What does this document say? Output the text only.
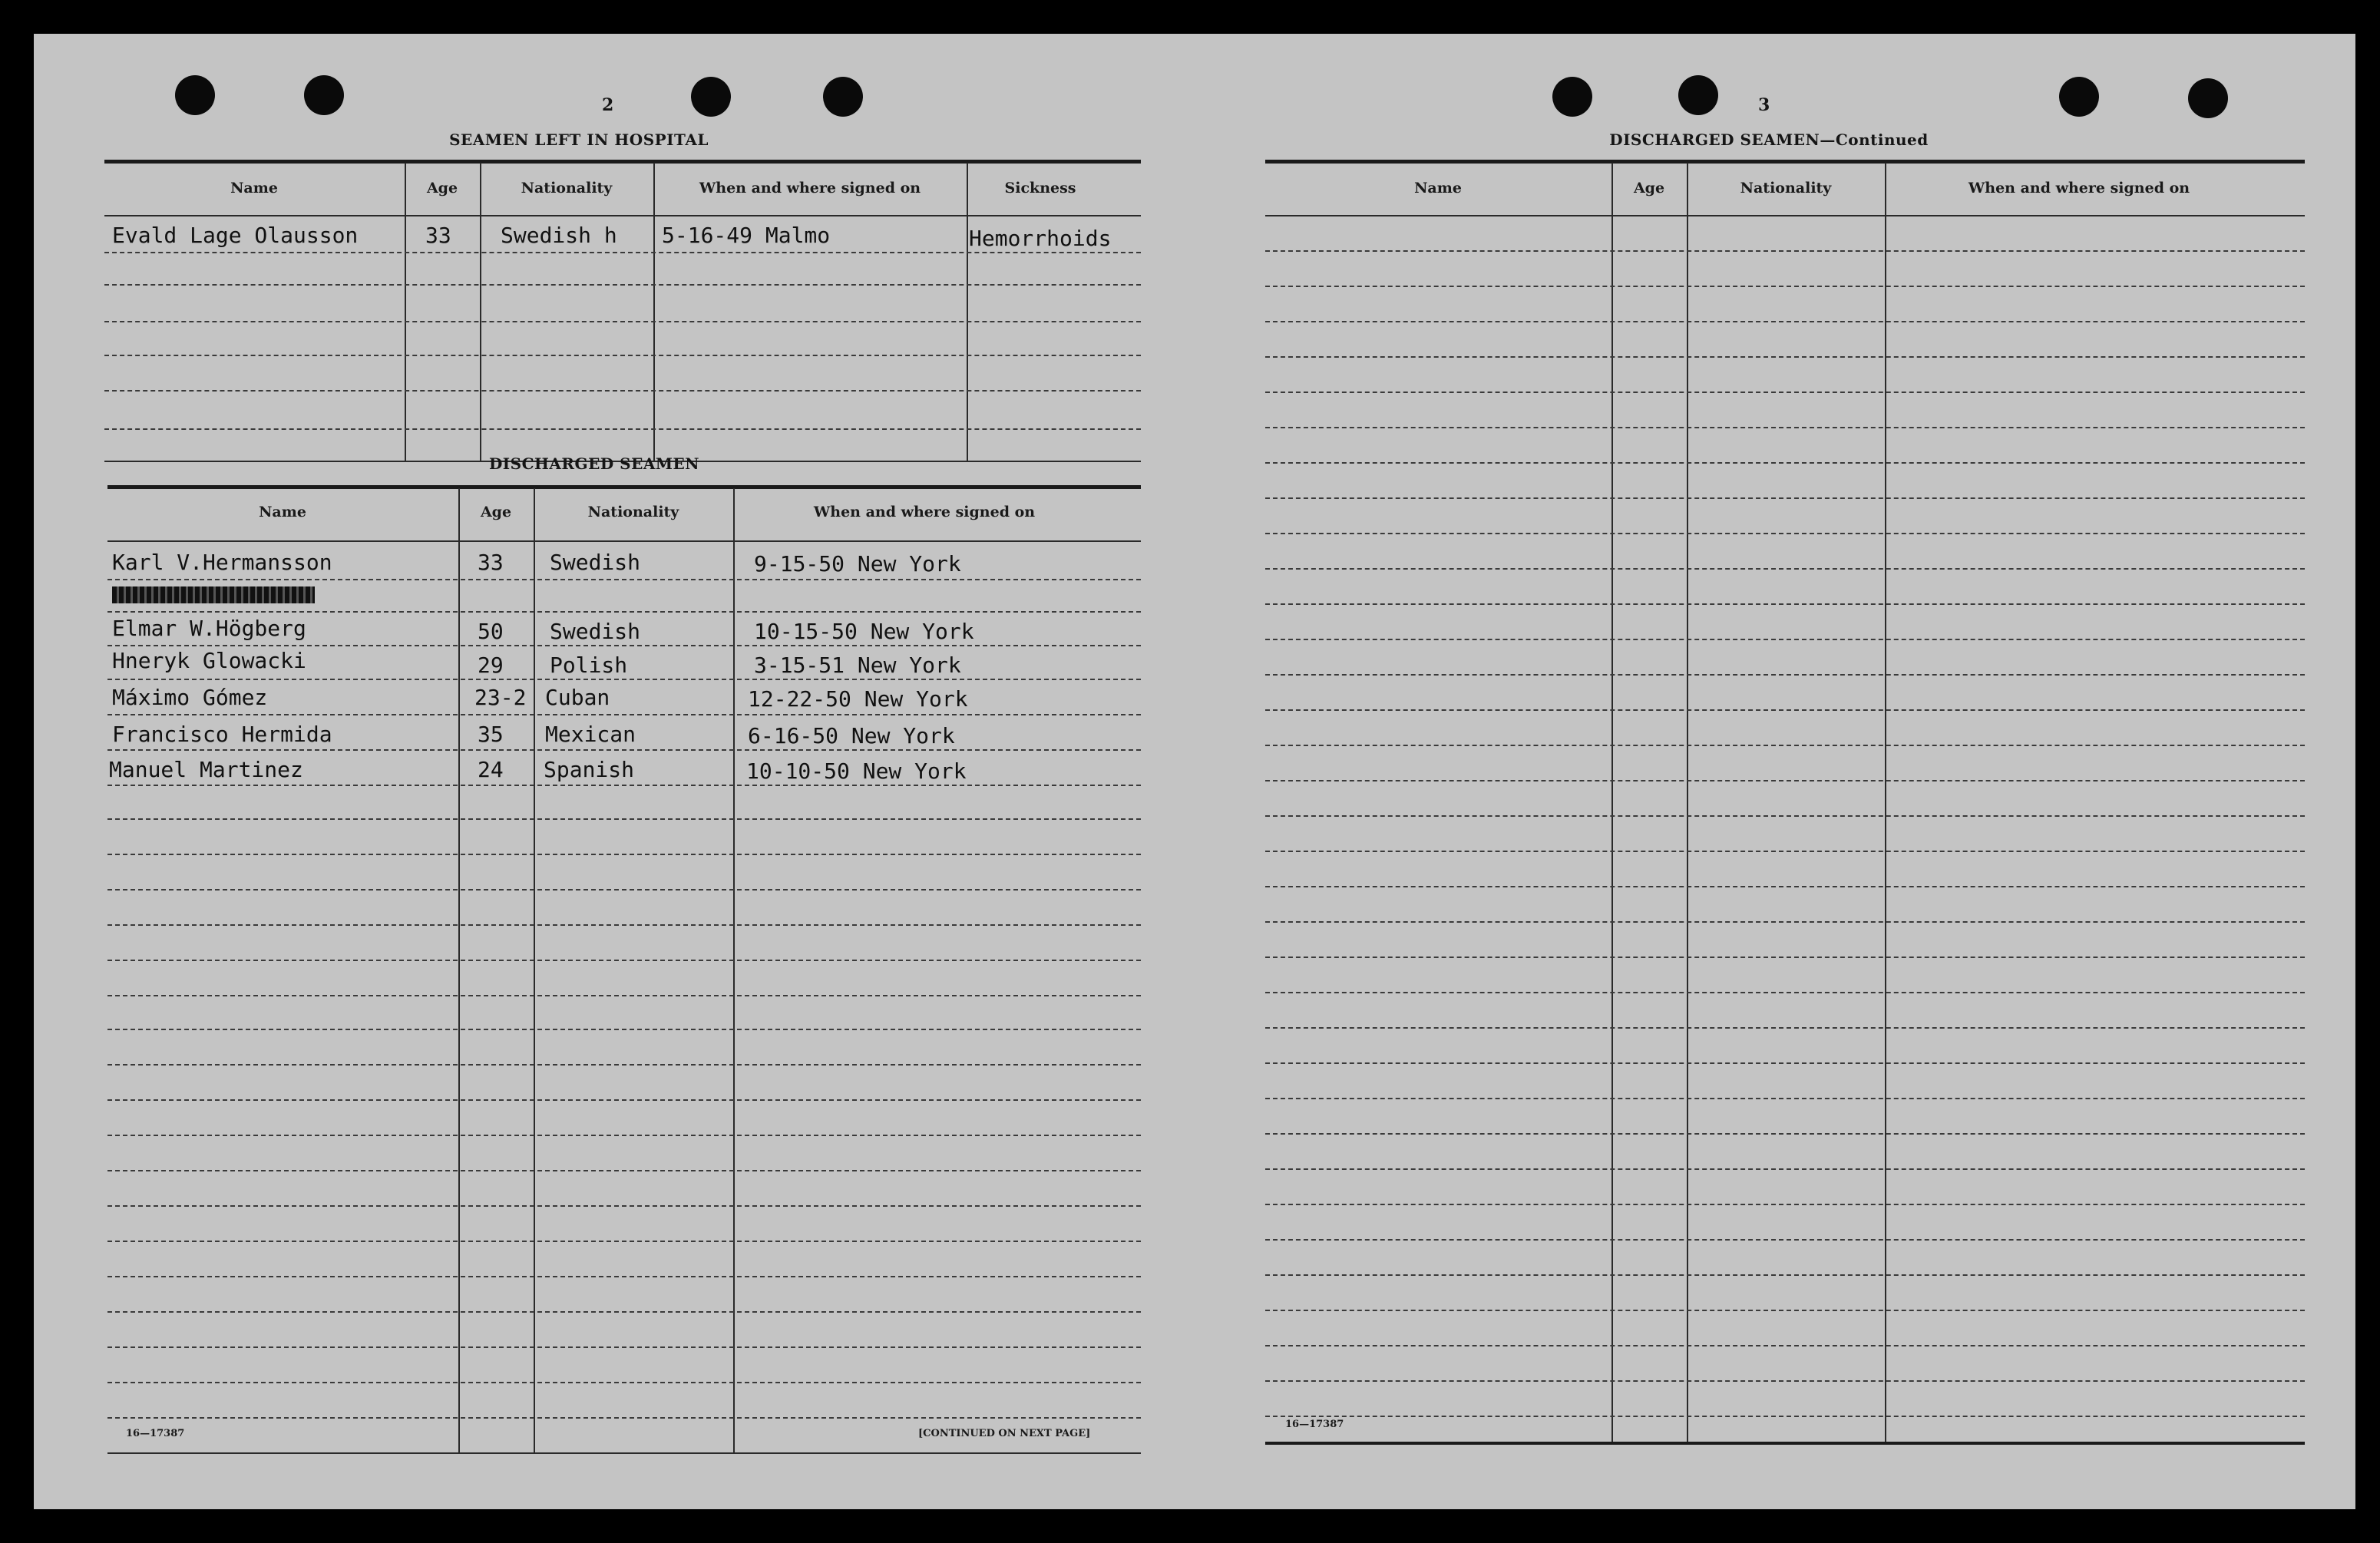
2
SEAMEN LEFT IN HOSPITAL
Name	Age	Nationality	When and where signed on	Sickness
Evald Lage Olausson	33 Swedish h 5-16-49 Malmo	Hemorrhoids
DISCHARGED SEAMEN
Name	Age	Nationality	When and where signed on
Karl V.Hermansson	33 Swedish	9-15-50 New York
Elmar W.Högberg	50 Swedish	10-15-50 New York
Hneryk Glowacki	29 Polish	3-15-51 New York
Máximo Gómez	23-2 Cuban	12-22-50 New York
Francisco Hermida	35 Mexican	6-16-50 New York
Manuel Martinez	24 Spanish	10-10-50 New York
16—17387	[CONTINUED ON NEXT PAGE]
3
DISCHARGED SEAMEN—Continued
Name	Age	Nationality	When and where signed on
16—17387
